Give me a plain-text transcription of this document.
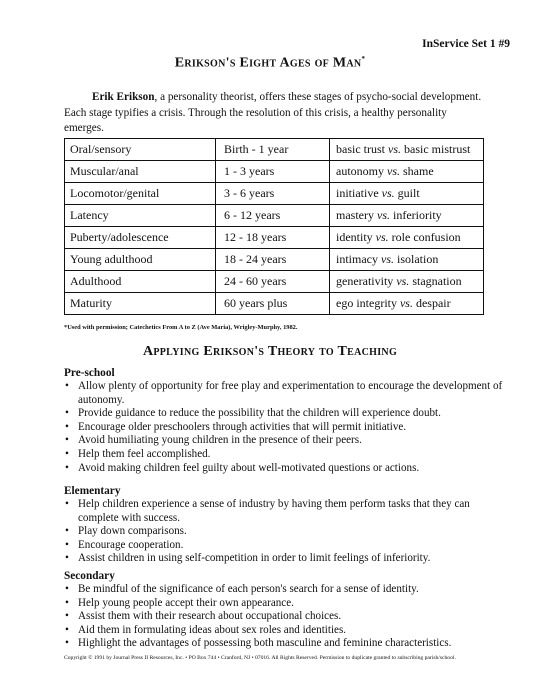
InService Set 1 #9
Erikson's Eight Ages of Man*

Erik Erikson, a personality theorist, offers these stages of psycho-social development. Each stage typifies a crisis. Through the resolution of this crisis, a healthy personality emerges.

Oral/sensory	Birth - 1 year	basic trust vs. basic mistrust
Muscular/anal	1 - 3 years	autonomy vs. shame
Locomotor/genital	3 - 6 years	initiative vs. guilt
Latency	6 - 12 years	mastery vs. inferiority
Puberty/adolescence	12 - 18 years	identity vs. role confusion
Young adulthood	18 - 24 years	intimacy vs. isolation
Adulthood	24 - 60 years	generativity vs. stagnation
Maturity	60 years plus	ego integrity vs. despair
*Used with permission; Catechetics From A to Z (Ave Maria), Wrigley-Murphy, 1982.
Applying Erikson's Theory to Teaching
Pre-school
• Allow plenty of opportunity for free play and experimentation to encourage the development of autonomy.
• Provide guidance to reduce the possibility that the children will experience doubt.
• Encourage older preschoolers through activities that will permit initiative.
• Avoid humiliating young children in the presence of their peers.
• Help them feel accomplished.
• Avoid making children feel guilty about well-motivated questions or actions.
Elementary
• Help children experience a sense of industry by having them perform tasks that they can complete with success.
• Play down comparisons.
• Encourage cooperation.
• Assist children in using self-competition in order to limit feelings of inferiority.
Secondary
• Be mindful of the significance of each person's search for a sense of identity.
• Help young people accept their own appearance.
• Assist them with their research about occupational choices.
• Aid them in formulating ideas about sex roles and identities.
• Highlight the advantages of possessing both masculine and feminine characteristics.
Copyright © 1991 by Journal Press II Resources, Inc. • PO Box 744 • Cranford, NJ • 07016. All Rights Reserved. Permission to duplicate granted to subscribing parish/school.
